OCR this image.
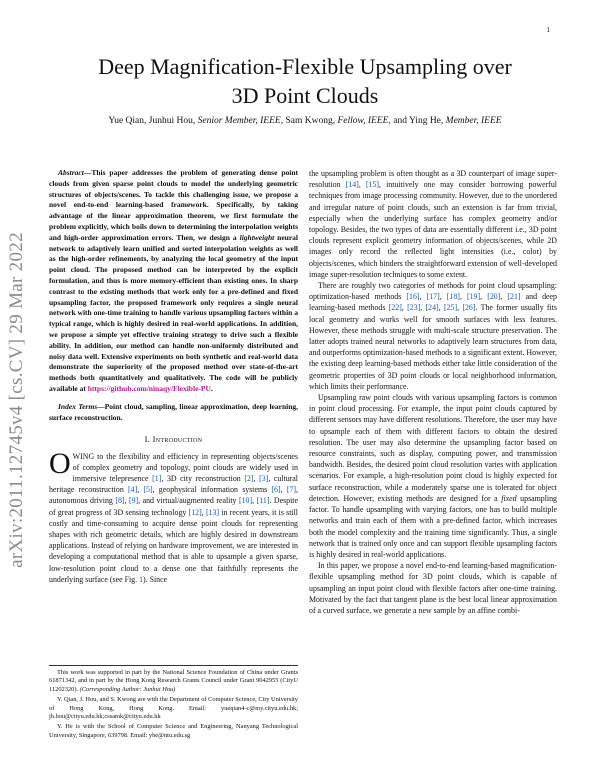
1
arXiv:2011.12745v4 [cs.CV] 29 Mar 2022
Deep Magnification-Flexible Upsampling over
3D Point Clouds
Yue Qian, Junhui Hou, Senior Member, IEEE, Sam Kwong, Fellow, IEEE, and Ying He, Member, IEEE

Abstract—This paper addresses the problem of generating dense point clouds from given sparse point clouds to model the underlying geometric structures of objects/scenes. To tackle this challenging issue, we propose a novel end-to-end learning-based framework. Specifically, by taking advantage of the linear approximation theorem, we first formulate the problem explicitly, which boils down to determining the interpolation weights and high-order approximation errors. Then, we design a lightweight neural network to adaptively learn unified and sorted interpolation weights as well as the high-order refinements, by analyzing the local geometry of the input point cloud. The proposed method can be interpreted by the explicit formulation, and thus is more memory-efficient than existing ones. In sharp contrast to the existing methods that work only for a pre-defined and fixed upsampling factor, the proposed framework only requires a single neural network with one-time training to handle various upsampling factors within a typical range, which is highly desired in real-world applications. In addition, we propose a simple yet effective training strategy to drive such a flexible ability. In addition, our method can handle non-uniformly distributed and noisy data well. Extensive experiments on both synthetic and real-world data demonstrate the superiority of the proposed method over state-of-the-art methods both quantitatively and qualitatively. The code will be publicly available at https://github.com/ninaqy/Flexible-PU.

Index Terms—Point cloud, sampling, linear approximation, deep learning, surface reconstruction.

I. Introduction

OWING to the flexibility and efficiency in representing objects/scenes of complex geometry and topology, point clouds are widely used in immersive telepresence [1], 3D city reconstruction [2], [3], cultural heritage reconstruction [4], [5], geophysical information systems [6], [7], autonomous driving [8], [9], and virtual/augmented reality [10], [11]. Despite of great progress of 3D sensing technology [12], [13] in recent years, it is still costly and time-consuming to acquire dense point clouds for representing shapes with rich geometric details, which are highly desired in downstream applications. Instead of relying on hardware improvement, we are interested in developing a computational method that is able to upsample a given sparse, low-resolution point cloud to a dense one that faithfully represents the underlying surface (see Fig. 1). Since

This work was supported in part by the National Science Foundation of China under Grants 61871342, and in part by the Hong Kong Research Grants Council under Grant 9042955 (CityU 11202320). (Corresponding Author: Junhui Hou)

Y. Qian, J. Hou, and S. Kwong are with the Department of Computer Science, City University of Hong Kong, Hong Kong. Email: yueqian4-c@my.cityu.edu.hk; jh.hou@cityu.edu.hk;cssamk@cityu.edu.hk

Y. He is with the School of Computer Science and Engineering, Nanyang Technological University, Singapore, 639798. Email: yhe@ntu.edu.sg

the upsampling problem is often thought as a 3D counterpart of image super-resolution [14], [15], intuitively one may consider borrowing powerful techniques from image processing community. However, due to the unordered and irregular nature of point clouds, such an extension is far from trivial, especially when the underlying surface has complex geometry and/or topology. Besides, the two types of data are essentially different i.e., 3D point clouds represent explicit geometry information of objects/scenes, while 2D images only record the reflected light intensities (i.e., color) by objects/scenes, which hinders the straightforward extension of well-developed image super-resolution techniques to some extent.

There are roughly two categories of methods for point cloud upsampling: optimization-based methods [16], [17], [18], [19], [20], [21] and deep learning-based methods [22], [23], [24], [25], [26]. The former usually fits local geometry and works well for smooth surfaces with less features. However, these methods struggle with multi-scale structure preservation. The latter adopts trained neural networks to adaptively learn structures from data, and outperforms optimization-based methods to a significant extent. However, the existing deep learning-based methods either take little consideration of the geometric properties of 3D point clouds or local neighborhood information, which limits their performance.

Upsampling raw point clouds with various upsampling factors is common in point cloud processing. For example, the input point clouds captured by different sensors may have different resolutions. Therefore, the user may have to upsample each of them with different factors to obtain the desired resolution. The user may also determine the upsampling factor based on resource constraints, such as display, computing power, and transmission bandwidth. Besides, the desired point cloud resolution varies with application scenarios. For example, a high-resolution point cloud is highly expected for surface reconstruction, while a moderately sparse one is tolerated for object detection. However, existing methods are designed for a fixed upsampling factor. To handle upsampling with varying factors, one has to build multiple networks and train each of them with a pre-defined factor, which increases both the model complexity and the training time significantly. Thus, a single network that is trained only once and can support flexible upsampling factors is highly desired in real-world applications.

In this paper, we propose a novel end-to-end learning-based magnification-flexible upsampling method for 3D point clouds, which is capable of upsampling an input point cloud with flexible factors after one-time training. Motivated by the fact that tangent plane is the best local linear approximation of a curved surface, we generate a new sample by an affine combi-
